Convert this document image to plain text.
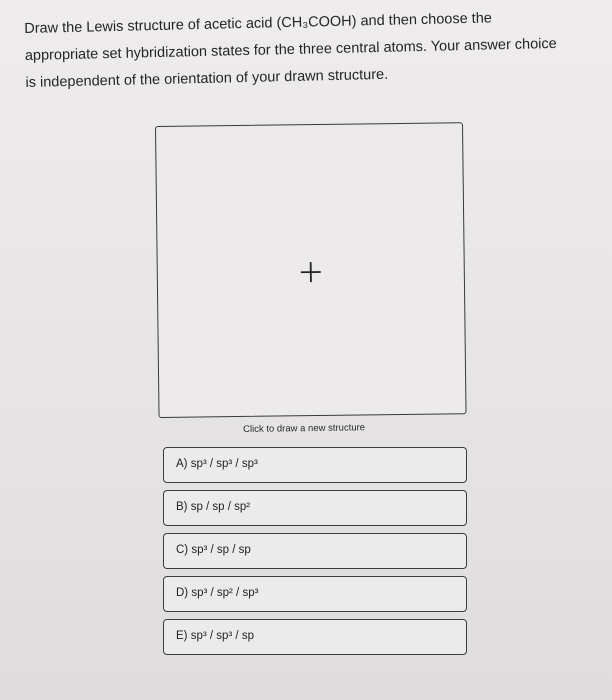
Draw the Lewis structure of acetic acid (CH₃COOH) and then choose the

appropriate set hybridization states for the three central atoms. Your answer choice

is independent of the orientation of your drawn structure.

Click to draw a new structure
A) sp³ / sp³ / sp³
B) sp / sp / sp²
C) sp³ / sp / sp
D) sp³ / sp² / sp³
E) sp³ / sp³ / sp
